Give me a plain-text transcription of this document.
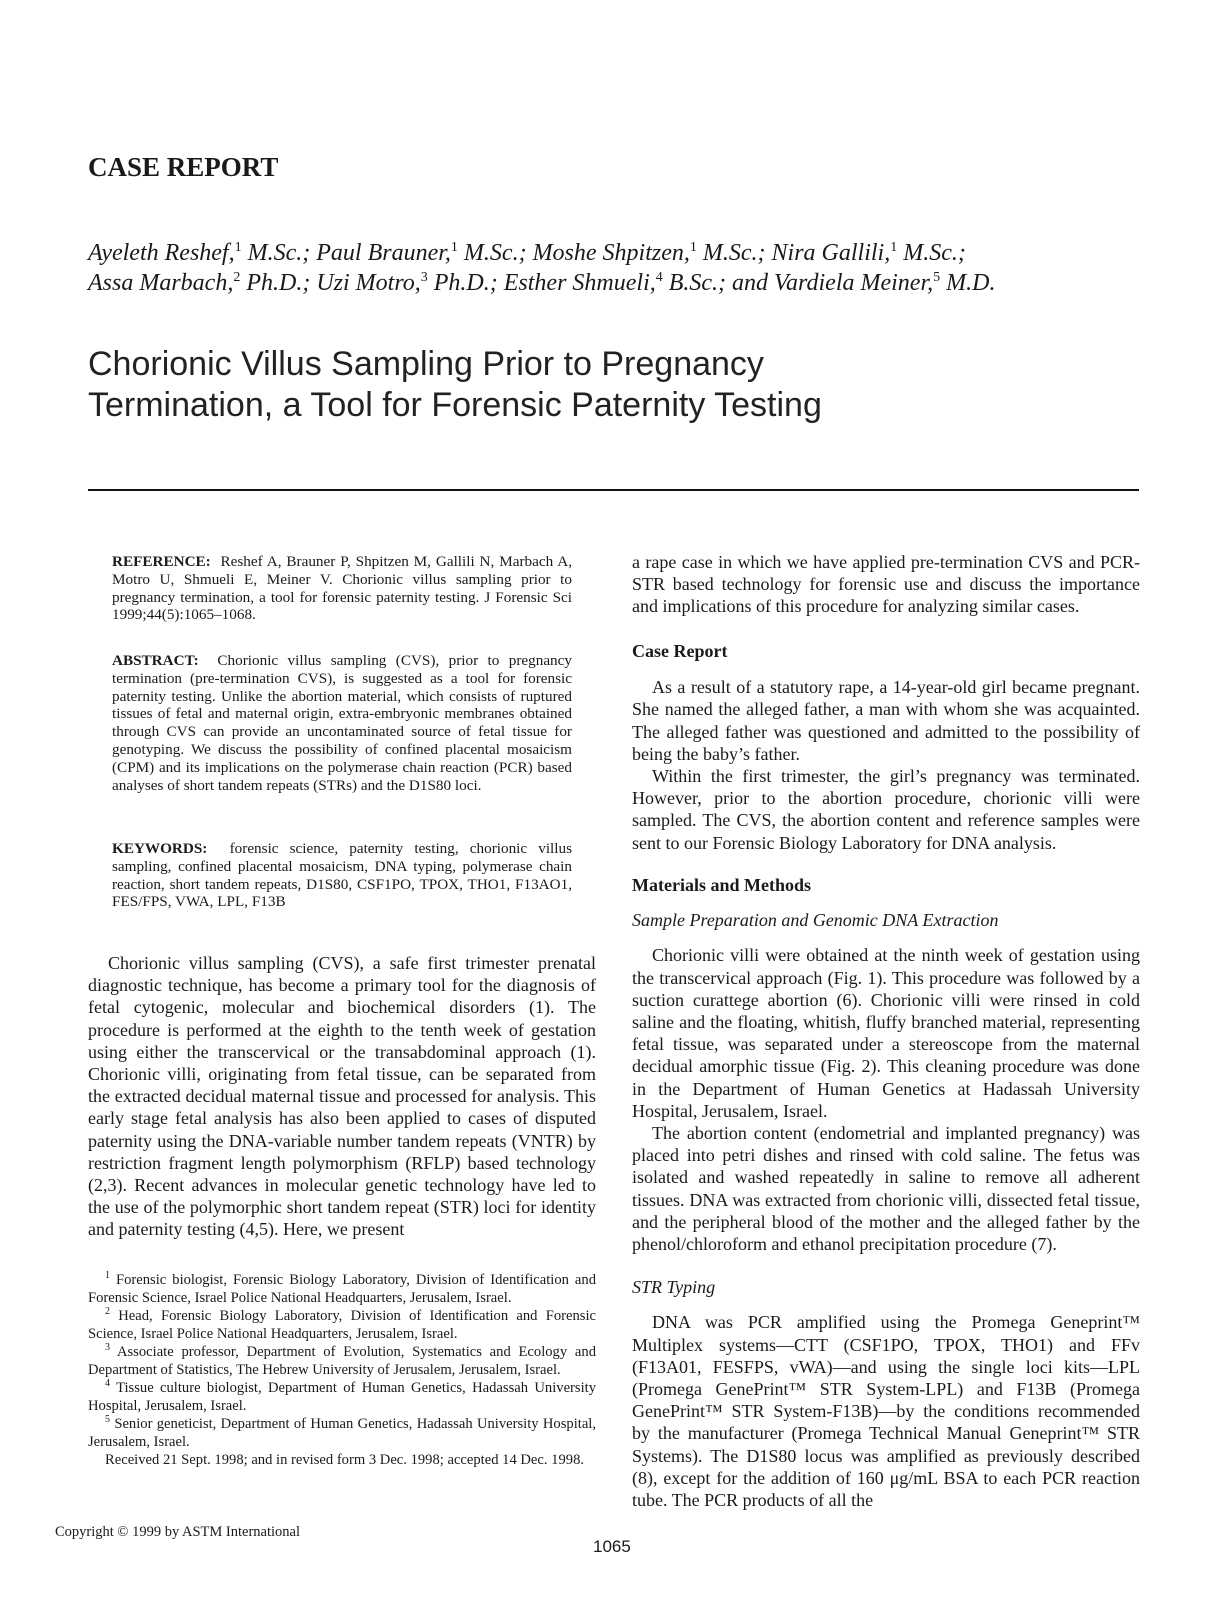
CASE REPORT
Ayeleth Reshef,$^1$ M.Sc.; Paul Brauner,$^1$ M.Sc.; Moshe Shpitzen,$^1$ M.Sc.; Nira Gallili,$^1$ M.Sc.;
Assa Marbach,$^2$ Ph.D.; Uzi Motro,$^3$ Ph.D.; Esther Shmueli,$^4$ B.Sc.; and Vardiela Meiner,$^5$ M.D.
Chorionic Villus Sampling Prior to Pregnancy
Termination, a Tool for Forensic Paternity Testing
REFERENCE: Reshef A, Brauner P, Shpitzen M, Gallili N, Marbach A, Motro U, Shmueli E, Meiner V. Chorionic villus sampling prior to pregnancy termination, a tool for forensic paternity testing. J Forensic Sci 1999;44(5):1065–1068.
ABSTRACT: Chorionic villus sampling (CVS), prior to pregnancy termination (pre-termination CVS), is suggested as a tool for forensic paternity testing. Unlike the abortion material, which consists of ruptured tissues of fetal and maternal origin, extra-embryonic membranes obtained through CVS can provide an uncontaminated source of fetal tissue for genotyping. We discuss the possibility of confined placental mosaicism (CPM) and its implications on the polymerase chain reaction (PCR) based analyses of short tandem repeats (STRs) and the D1S80 loci.
KEYWORDS: forensic science, paternity testing, chorionic villus sampling, confined placental mosaicism, DNA typing, polymerase chain reaction, short tandem repeats, D1S80, CSF1PO, TPOX, THO1, F13AO1, FES/FPS, VWA, LPL, F13B

Chorionic villus sampling (CVS), a safe first trimester prenatal diagnostic technique, has become a primary tool for the diagnosis of fetal cytogenic, molecular and biochemical disorders (1). The procedure is performed at the eighth to the tenth week of gestation using either the transcervical or the transabdominal approach (1). Chorionic villi, originating from fetal tissue, can be separated from the extracted decidual maternal tissue and processed for analysis. This early stage fetal analysis has also been applied to cases of disputed paternity using the DNA-variable number tandem repeats (VNTR) by restriction fragment length polymorphism (RFLP) based technology (2,3). Recent advances in molecular genetic technology have led to the use of the polymorphic short tandem repeat (STR) loci for identity and paternity testing (4,5). Here, we present

$^1$ Forensic biologist, Forensic Biology Laboratory, Division of Identification and Forensic Science, Israel Police National Headquarters, Jerusalem, Israel.

$^2$ Head, Forensic Biology Laboratory, Division of Identification and Forensic Science, Israel Police National Headquarters, Jerusalem, Israel.

$^3$ Associate professor, Department of Evolution, Systematics and Ecology and Department of Statistics, The Hebrew University of Jerusalem, Jerusalem, Israel.

$^4$ Tissue culture biologist, Department of Human Genetics, Hadassah University Hospital, Jerusalem, Israel.

$^5$ Senior geneticist, Department of Human Genetics, Hadassah University Hospital, Jerusalem, Israel.

Received 21 Sept. 1998; and in revised form 3 Dec. 1998; accepted 14 Dec. 1998.

a rape case in which we have applied pre-termination CVS and PCR-STR based technology for forensic use and discuss the importance and implications of this procedure for analyzing similar cases.

Case Report

As a result of a statutory rape, a 14-year-old girl became pregnant. She named the alleged father, a man with whom she was acquainted. The alleged father was questioned and admitted to the possibility of being the baby’s father.

Within the first trimester, the girl’s pregnancy was terminated. However, prior to the abortion procedure, chorionic villi were sampled. The CVS, the abortion content and reference samples were sent to our Forensic Biology Laboratory for DNA analysis.

Materials and Methods
Sample Preparation and Genomic DNA Extraction

Chorionic villi were obtained at the ninth week of gestation using the transcervical approach (Fig. 1). This procedure was followed by a suction curattege abortion (6). Chorionic villi were rinsed in cold saline and the floating, whitish, fluffy branched material, representing fetal tissue, was separated under a stereoscope from the maternal decidual amorphic tissue (Fig. 2). This cleaning procedure was done in the Department of Human Genetics at Hadassah University Hospital, Jerusalem, Israel.

The abortion content (endometrial and implanted pregnancy) was placed into petri dishes and rinsed with cold saline. The fetus was isolated and washed repeatedly in saline to remove all adherent tissues. DNA was extracted from chorionic villi, dissected fetal tissue, and the peripheral blood of the mother and the alleged father by the phenol/chloroform and ethanol precipitation procedure (7).

STR Typing

DNA was PCR amplified using the Promega Geneprint™ Multiplex systems—CTT (CSF1PO, TPOX, THO1) and FFv (F13A01, FESFPS, vWA)—and using the single loci kits—LPL (Promega GenePrint™ STR System-LPL) and F13B (Promega GenePrint™ STR System-F13B)—by the conditions recommended by the manufacturer (Promega Technical Manual Geneprint™ STR Systems). The D1S80 locus was amplified as previously described (8), except for the addition of 160 μg/mL BSA to each PCR reaction tube. The PCR products of all the

Copyright © 1999 by ASTM International
1065
